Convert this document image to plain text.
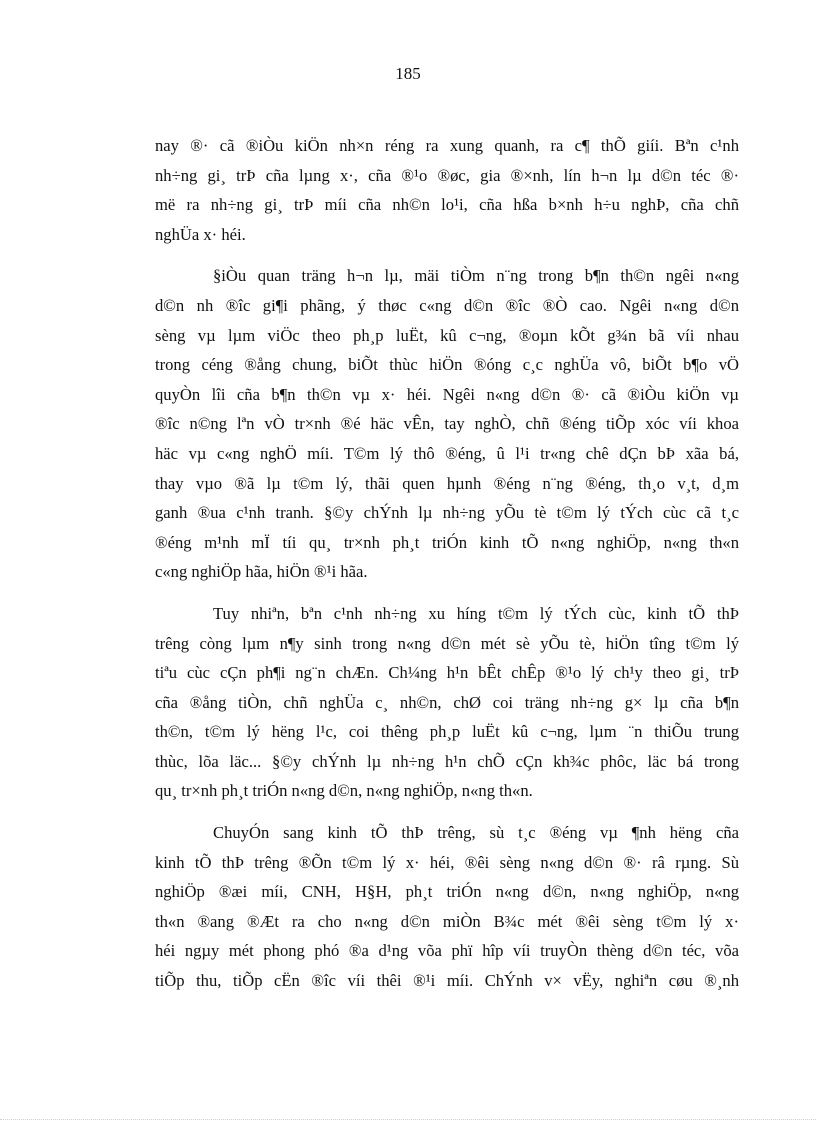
185

nay ®· cã ®iÒu kiÖn nh×n réng ra xung quanh, ra c¶ thÕ giíi. Bªn c¹nh
nh÷ng gi¸ trÞ cña lµng x·, cña ®¹o ®øc, gia ®×nh, lín h¬n lµ d©n téc ®·
më ra nh÷ng gi¸ trÞ míi cña nh©n lo¹i, cña hßa b×nh h÷u nghÞ, cña chñ
nghÜa x· héi.

§iÒu quan träng h¬n lµ, mäi tiÒm n¨ng trong b¶n th©n ngêi n«ng
d©n nh ®îc gi¶i phãng, ý thøc c«ng d©n ®îc ®Ò cao. Ngêi n«ng d©n
sèng vµ lµm viÖc theo ph¸p luËt, kû c¬ng, ®oµn kÕt g¾n bã víi nhau
trong céng ®ång chung, biÕt thùc hiÖn ®óng c¸c nghÜa vô, biÕt b¶o vÖ
quyÒn lîi cña b¶n th©n vµ x· héi. Ngêi n«ng d©n ®· cã ®iÒu kiÖn vµ
®îc n©ng lªn vÒ tr×nh ®é häc vÊn, tay nghÒ, chñ ®éng tiÕp xóc víi khoa
häc vµ c«ng nghÖ míi. T©m lý thô ®éng, û l¹i tr«ng chê dÇn bÞ xãa bá,
thay vµo ®ã lµ t©m lý, thãi quen hµnh ®éng n¨ng ®éng, th¸o v¸t, d¸m
ganh ®ua c¹nh tranh. §©y chÝnh lµ nh÷ng yÕu tè t©m lý tÝch cùc cã t¸c
®éng m¹nh mÏ tíi qu¸ tr×nh ph¸t triÓn kinh tÕ n«ng nghiÖp, n«ng th«n
c«ng nghiÖp hãa, hiÖn ®¹i hãa.

Tuy nhiªn, bªn c¹nh nh÷ng xu híng t©m lý tÝch cùc, kinh tÕ thÞ
trêng còng lµm n¶y sinh trong n«ng d©n mét sè yÕu tè, hiÖn tîng t©m lý
tiªu cùc cÇn ph¶i ng¨n chÆn. Ch¼ng h¹n bÊt chÊp ®¹o lý ch¹y theo gi¸ trÞ
cña ®ång tiÒn, chñ nghÜa c¸ nh©n, chØ coi träng nh÷ng g× lµ cña b¶n
th©n, t©m lý hëng l¹c, coi thêng ph¸p luËt kû c¬ng, lµm ¨n thiÕu trung
thùc, lõa läc... §©y chÝnh lµ nh÷ng h¹n chÕ cÇn kh¾c phôc, läc bá trong
qu¸ tr×nh ph¸t triÓn n«ng d©n, n«ng nghiÖp, n«ng th«n.

ChuyÓn sang kinh tÕ thÞ trêng, sù t¸c ®éng vµ ¶nh hëng cña
kinh tÕ thÞ trêng ®Õn t©m lý x· héi, ®êi sèng n«ng d©n ®· râ rµng. Sù
nghiÖp ®æi míi, CNH, H§H, ph¸t triÓn n«ng d©n, n«ng nghiÖp, n«ng
th«n ®ang ®Æt ra cho n«ng d©n miÒn B¾c mét ®êi sèng t©m lý x·
héi ngµy mét phong phó ®a d¹ng võa phï hîp víi truyÒn thèng d©n téc, võa
tiÕp thu, tiÕp cËn ®îc víi thêi ®¹i míi. ChÝnh v× vËy, nghiªn cøu ®¸nh
